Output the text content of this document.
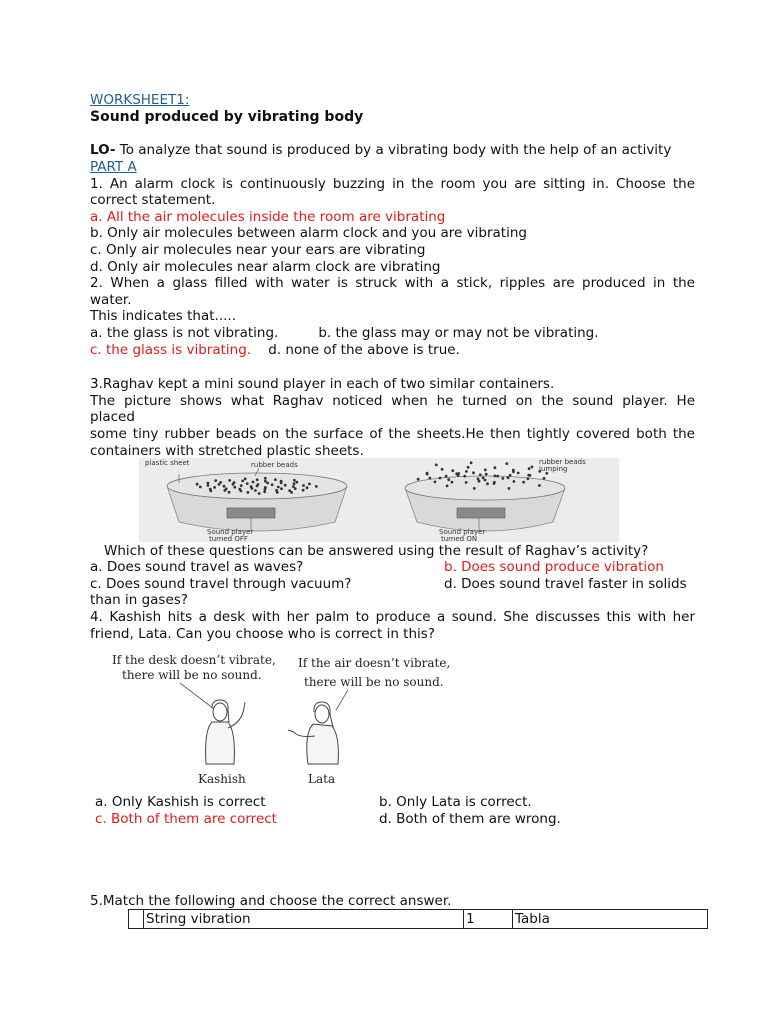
WORKSHEET1:
Sound produced by vibrating body
LO- To analyze that sound is produced by a vibrating body with the help of an activity
PART A
1. An alarm clock is continuously buzzing in the room you are sitting in. Choose the
correct statement.
a. All the air molecules inside the room are vibrating
b. Only air molecules between alarm clock and you are vibrating
c. Only air molecules near your ears are vibrating
d. Only air molecules near alarm clock are vibrating
2. When a glass filled with water is struck with a stick, ripples are produced in the
water.
This indicates that.....
a. the glass is not vibrating.	b. the glass may or may not be vibrating.
c. the glass is vibrating. d. none of the above is true.
3.Raghav kept a mini sound player in each of two similar containers.
The picture shows what Raghav noticed when he turned on the sound player. He
placed
some tiny rubber beads on the surface of the sheets.He then tightly covered both the
containers with stretched plastic sheets.
plastic sheet	rubber beads
Sound player
turned OFF
rubber beads
jumping
Sound player
turned ON
Which of these questions can be answered using the result of Raghav’s activity?
a. Does sound travel as waves?	b. Does sound produce vibration
c. Does sound travel through vacuum?	d. Does sound travel faster in solids
than in gases?
4. Kashish hits a desk with her palm to produce a sound. She discusses this with her
friend, Lata. Can you choose who is correct in this?
If the desk doesn’t vibrate,
there will be no sound.
If the air doesn’t vibrate,
there will be no sound.
Kashish	Lata
a. Only Kashish is correct	b. Only Lata is correct.
c. Both of them are correct	d. Both of them are wrong.
5.Match the following and choose the correct answer.
	String vibration	1	Tabla
